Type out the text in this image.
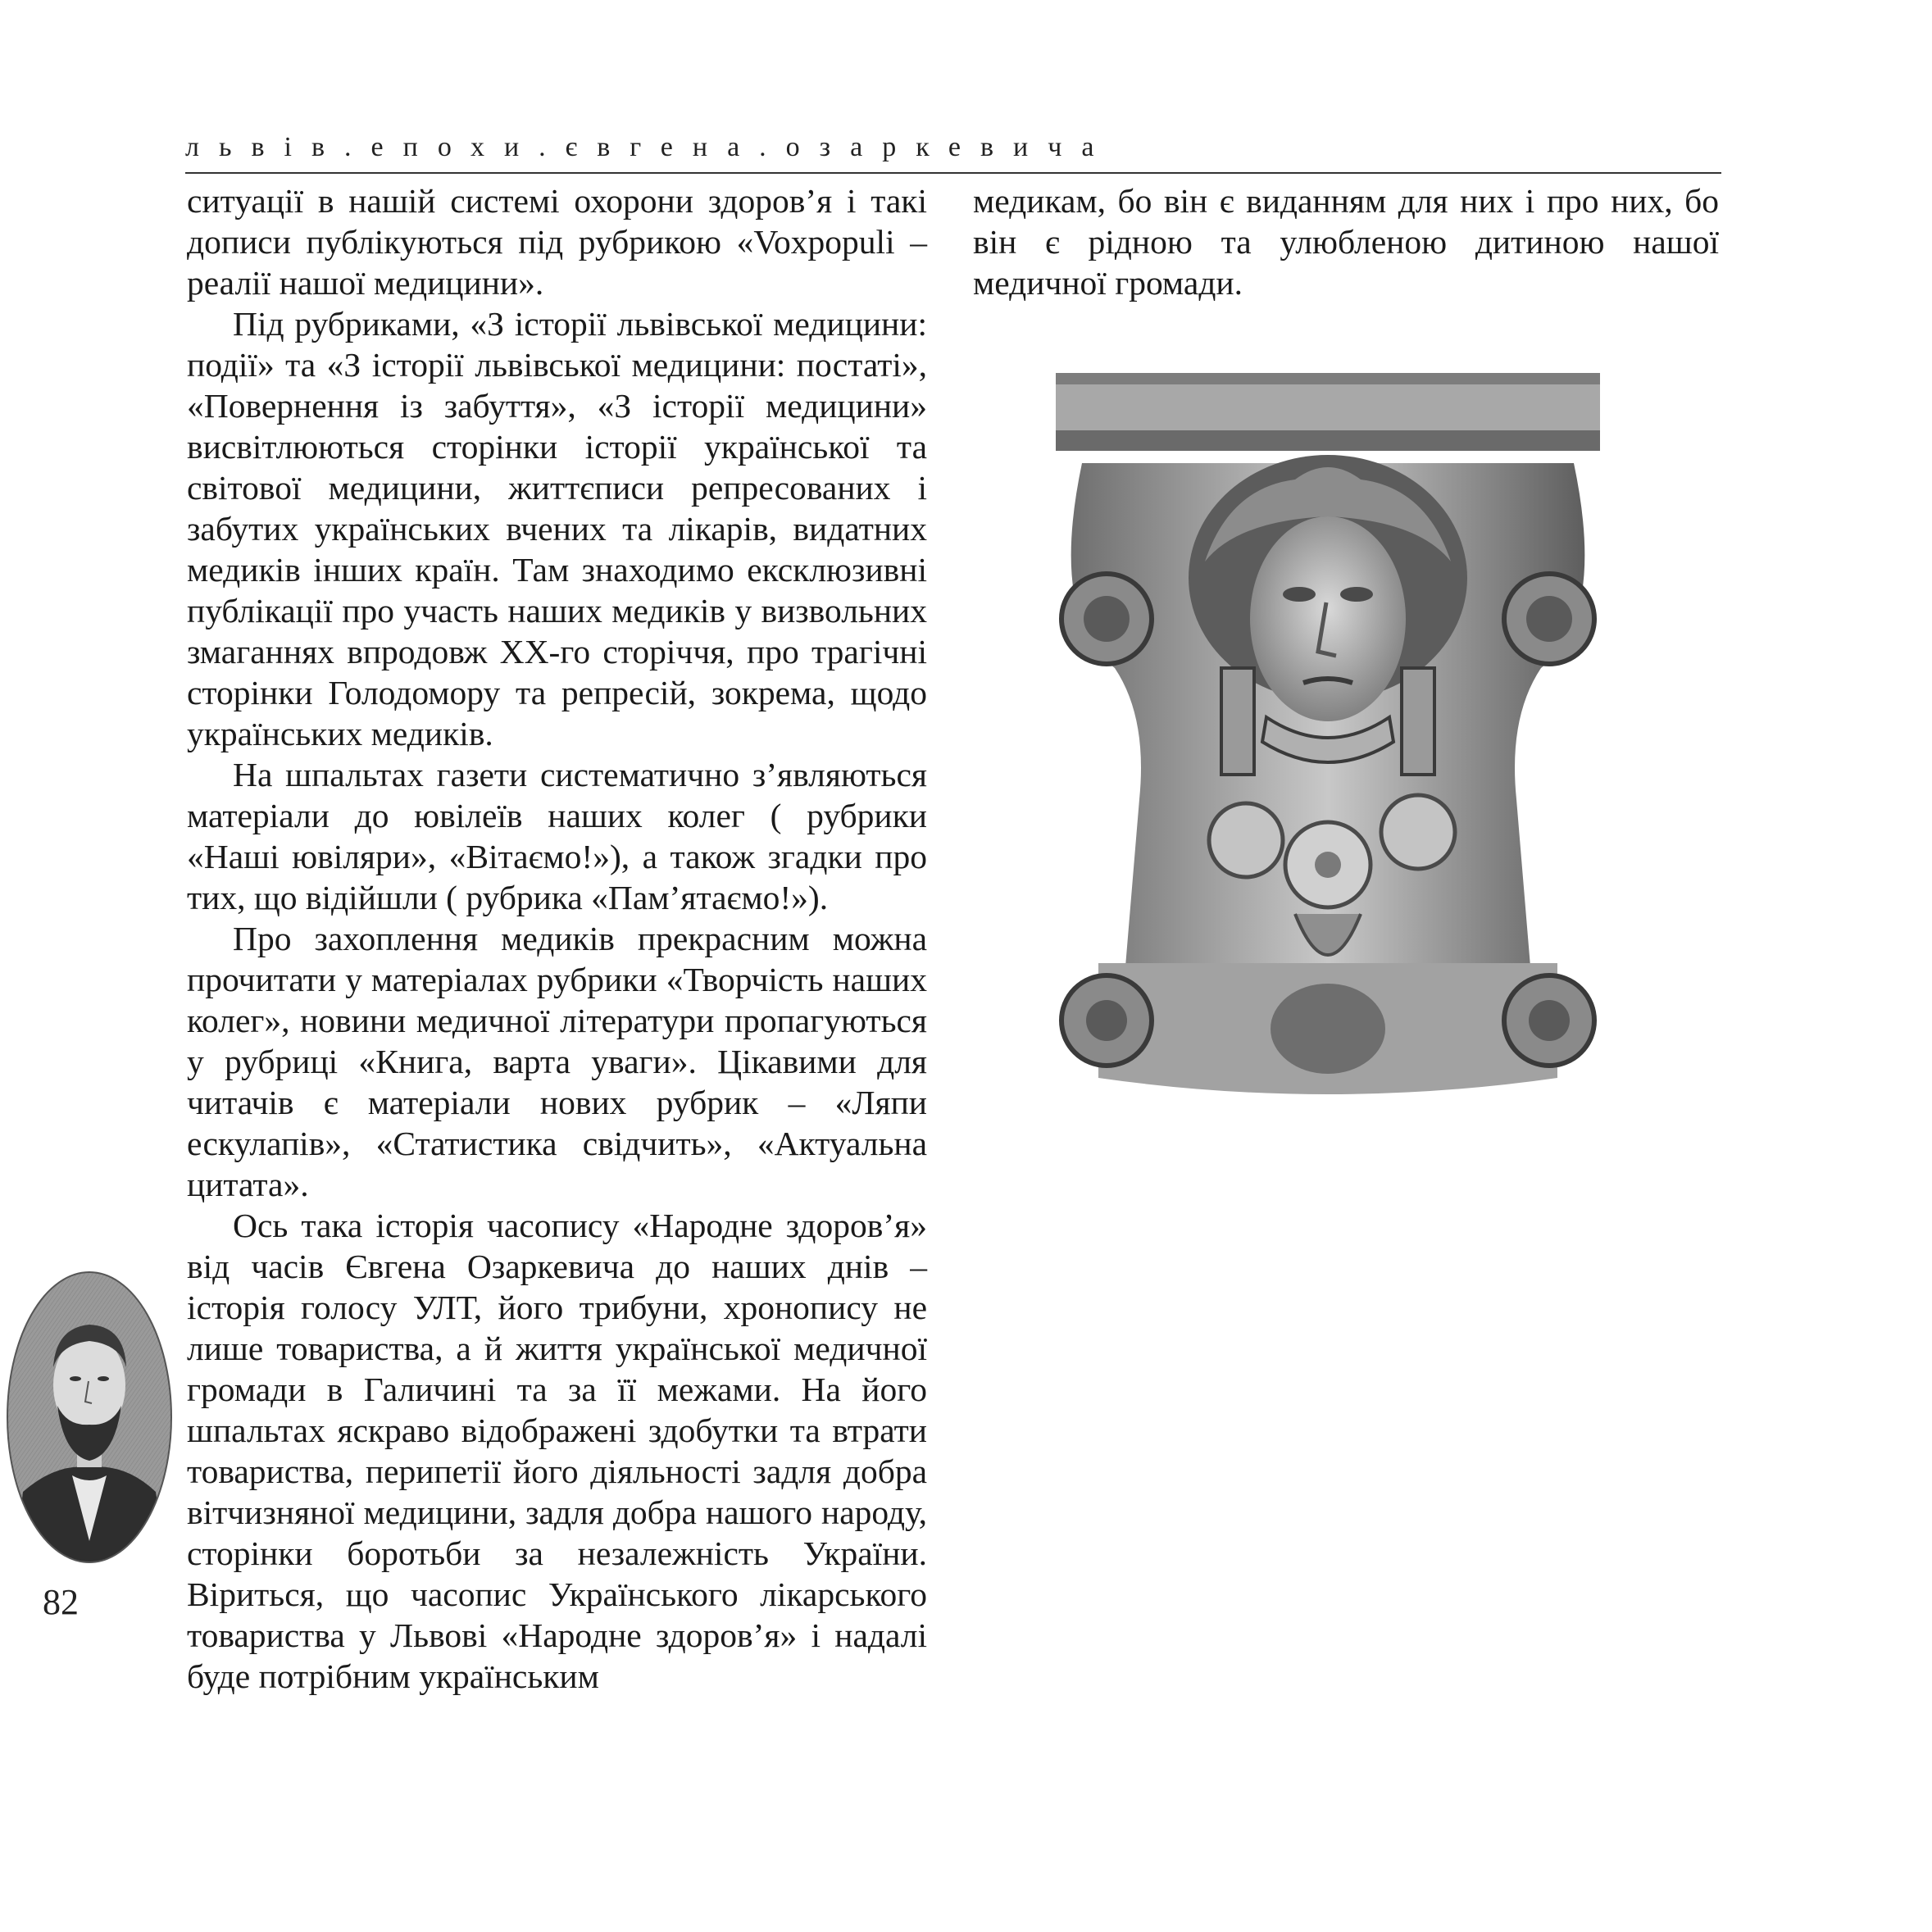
львів.епохи.євгена.озаркевича

ситуації в нашій системі охорони здоров’я і такі дописи публікуються під рубрикою «Voxpopuli – реалії нашої медицини».

Під рубриками, «З історії львівської медицини: події» та «З історії львівської медицини: постаті», «Повернення із забуття», «З історії медицини» висвітлюються сторінки історії української та світової медицини, життєписи репресованих і забутих українських вчених та лікарів, видатних медиків інших країн. Там знаходимо ексклюзивні публікації про участь наших медиків у визвольних змаганнях впродовж ХХ-го сторіччя, про трагічні сторінки Голодомору та репресій, зокрема, щодо українських медиків.

На шпальтах газети систематично з’являються матеріали до ювілеїв наших колег ( рубрики «Наші ювіляри», «Вітаємо!»), а також згадки про тих, що відійшли ( рубрика «Пам’ятаємо!»).

Про захоплення медиків прекрасним можна прочитати у матеріалах рубрики «Творчість наших колег», новини медичної літератури пропагуються у рубриці «Книга, варта уваги». Цікавими для читачів є матеріали нових рубрик – «Ляпи ескулапів», «Статистика свідчить», «Актуальна цитата».

Ось така історія часопису «Народне здоров’я» від часів Євгена Озаркевича до наших днів – історія голосу УЛТ, його трибуни, хронопису не лише товариства, а й життя української медичної громади в Галичині та за її межами. На його шпальтах яскраво відображені здобутки та втрати товариства, перипетії його діяльності задля добра вітчизняної медицини, задля добра нашого народу, сторінки боротьби за незалежність України. Віриться, що часопис Українського лікарського товариства у Львові «Народне здоров’я» і надалі буде потрібним українським

медикам, бо він є виданням для них і про них, бо він є рідною та улюбленою дитиною нашої медичної громади.

82
